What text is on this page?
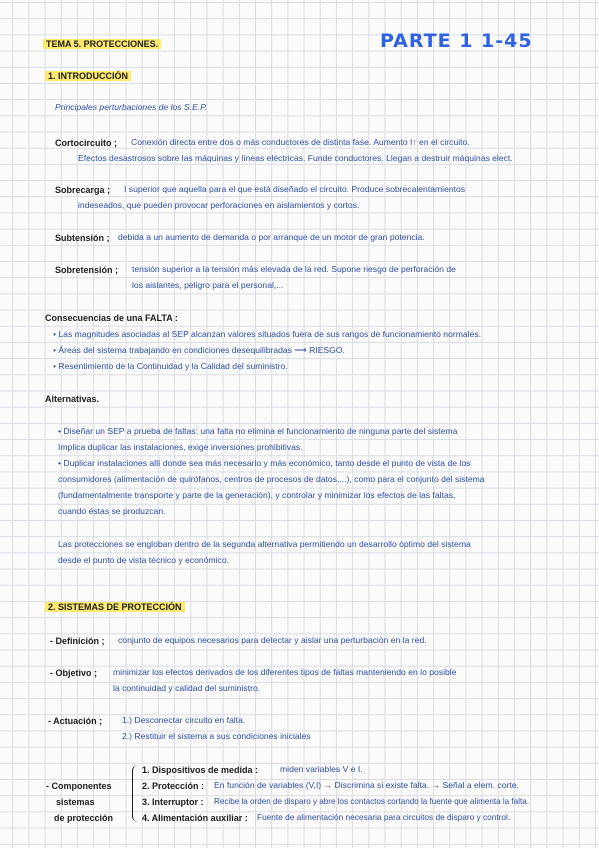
TEMA 5. PROTECCIONES.	PARTE 1 1-45
1. INTRODUCCIÓN
Principales perturbaciones de los S.E.P.
Cortocircuito ; Conexión directa entre dos o más conductores de distinta fase. Aumento I↑ en el circuito.
Efectos desastrosos sobre las máquinas y líneas eléctricas. Funde conductores. Llegan a destruir máquinas elect.
Sobrecarga ; I superior que aquella para el que está diseñado el circuito. Produce sobrecalentamientos
indeseados, que pueden provocar perforaciones en aislamientos y cortos.
Subtensión ; debida a un aumento de demanda o por arranque de un motor de gran potencia.
Sobretensión ; tensión superior a la tensión más elevada de la red. Supone riesgo de perforación de
los aislantes, peligro para el personal,...
Consecuencias de una FALTA :
• Las magnitudes asociadas al SEP alcanzan valores situados fuera de sus rangos de funcionamiento normales.
• Áreas del sistema trabajando en condiciones desequilibradas ⟶ RIESGO.
• Resentimiento de la Continuidad y la Calidad del suministro.
Alternativas.
• Diseñar un SEP a prueba de faltas: una falta no elimina el funcionamiento de ninguna parte del sistema
Implica duplicar las instalaciones, exige inversiones prohibitivas.
• Duplicar instalaciones allí donde sea más necesario y más económico, tanto desde el punto de vista de los
consumidores (alimentación de quirófanos, centros de procesos de datos,...), como para el conjunto del sistema
(fundamentalmente transporte y parte de la generación), y controlar y minimizar los efectos de las faltas,
cuando éstas se produzcan.
Las protecciones se engloban dentro de la segunda alternativa permitiendo un desarrollo óptimo del sistema
desde el punto de vista técnico y económico.
2. SISTEMAS DE PROTECCIÓN
- Definición ; conjunto de equipos necesarios para detectar y aislar una perturbación en la red.
- Objetivo ; minimizar los efectos derivados de los diferentes tipos de faltas manteniendo en lo posible
la continuidad y calidad del suministro.
- Actuación ; 1.) Desconectar circuito en falta.
2.) Restituir el sistema a sus condiciones iniciales
- Componentes
sistemas
de protección
1. Dispositivos de medida :	miden variables V e I.
2. Protección : En función de variables (V,I) → Discrimina si existe falta. → Señal a elem. corte.
3. Interruptor : Recibe la orden de disparo y abre los contactos cortando la fuente que alimenta la falta.
4. Alimentación auxiliar : Fuente de alimentación necesaria para circuitos de disparo y control.
